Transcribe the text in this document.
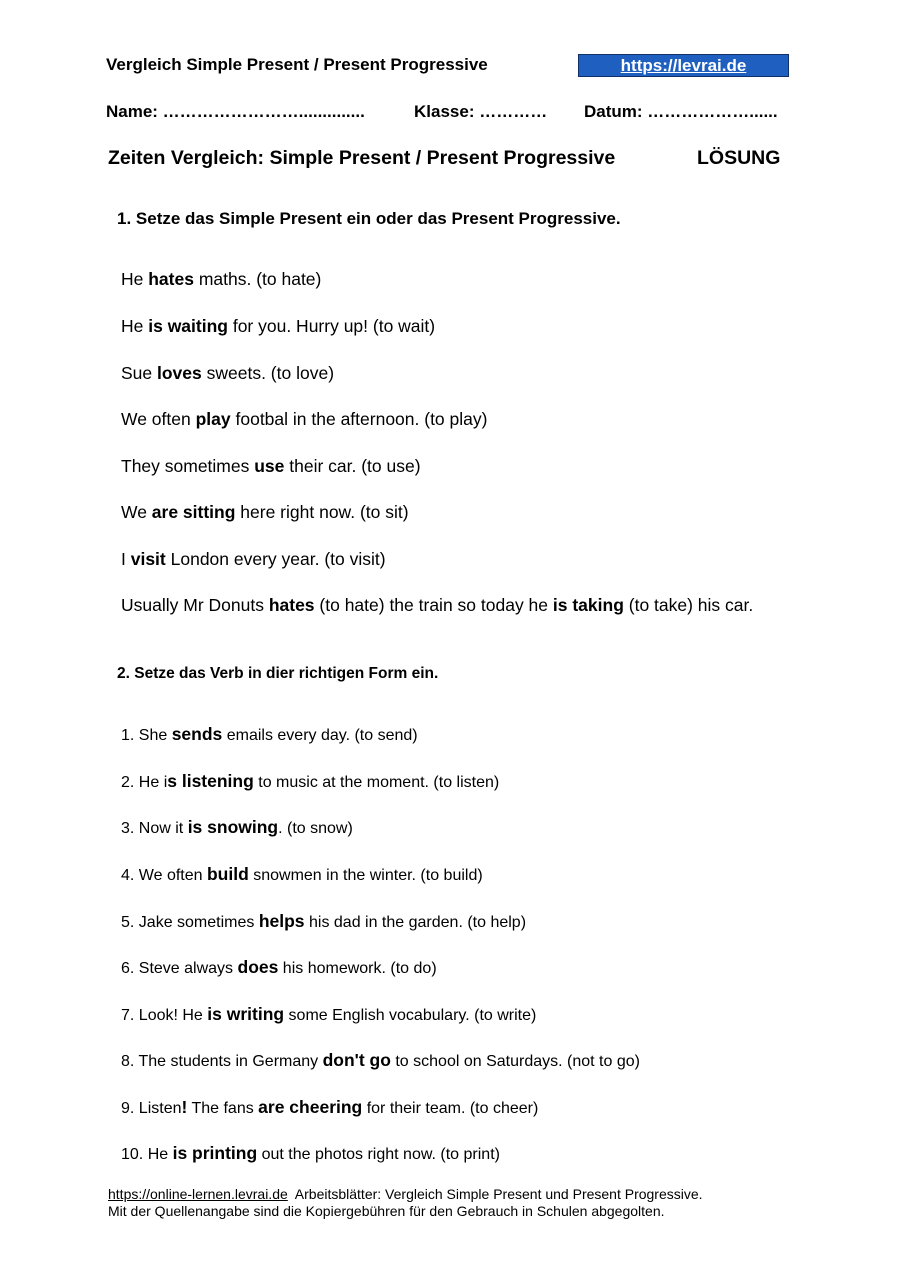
Vergleich Simple Present / Present Progressive	https://levrai.de
Name: ……………………..............	Klasse: ………… Datum: ………………......
Zeiten Vergleich: Simple Present / Present Progressive	LÖSUNG
1. Setze das Simple Present ein oder das Present Progressive.
He hates maths. (to hate)
He is waiting for you. Hurry up! (to wait)
Sue loves sweets. (to love)
We often play footbal in the afternoon. (to play)
They sometimes use their car. (to use)
We are sitting here right now. (to sit)
I visit London every year. (to visit)
Usually Mr Donuts hates (to hate) the train so today he is taking (to take) his car.
2. Setze das Verb in dier richtigen Form ein.
1. She sends emails every day. (to send)
2. He is listening to music at the moment. (to listen)
3. Now it is snowing. (to snow)
4. We often build snowmen in the winter. (to build)
5. Jake sometimes helps his dad in the garden. (to help)
6. Steve always does his homework. (to do)
7. Look! He is writing some English vocabulary. (to write)
8. The students in Germany don't go to school on Saturdays. (not to go)
9. Listen! The fans are cheering for their team. (to cheer)
10. He is printing out the photos right now. (to print)
https://online-lernen.levrai.de  Arbeitsblätter: Vergleich Simple Present und Present Progressive.
Mit der Quellenangabe sind die Kopiergebühren für den Gebrauch in Schulen abgegolten.
